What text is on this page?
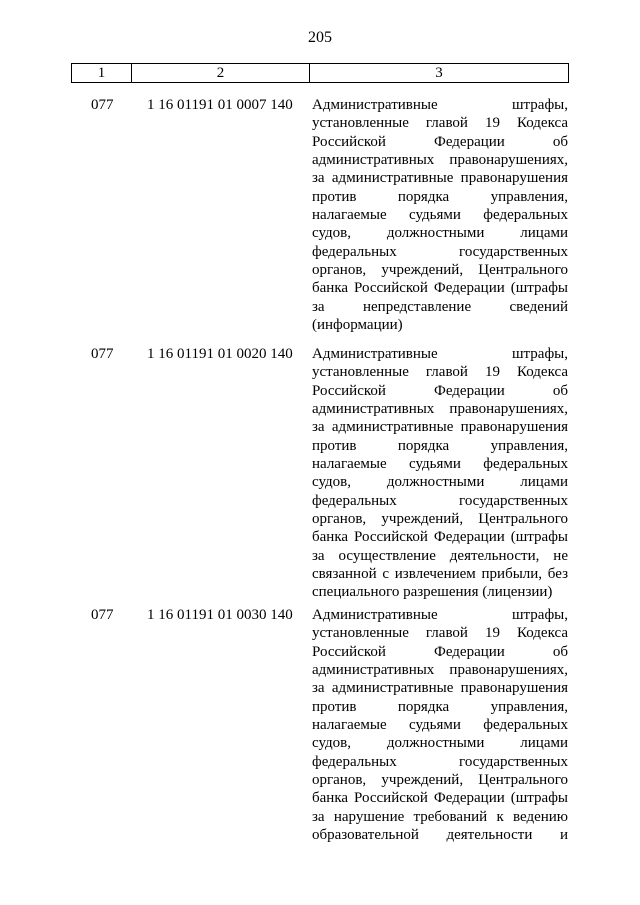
205
1	2	3
077 1 16 01191 01 0007 140 Административные штрафы,
установленные главой 19 Кодекса
Российской Федерации об
административных правонарушениях,
за административные правонарушения
против порядка управления,
налагаемые судьями федеральных
судов, должностными лицами
федеральных государственных
органов, учреждений, Центрального
банка Российской Федерации (штрафы
за непредставление сведений
(информации)
077 1 16 01191 01 0020 140 Административные штрафы,
установленные главой 19 Кодекса
Российской Федерации об
административных правонарушениях,
за административные правонарушения
против порядка управления,
налагаемые судьями федеральных
судов, должностными лицами
федеральных государственных
органов, учреждений, Центрального
банка Российской Федерации (штрафы
за осуществление деятельности, не
связанной с извлечением прибыли, без
специального разрешения (лицензии)
077 1 16 01191 01 0030 140 Административные штрафы,
установленные главой 19 Кодекса
Российской Федерации об
административных правонарушениях,
за административные правонарушения
против порядка управления,
налагаемые судьями федеральных
судов, должностными лицами
федеральных государственных
органов, учреждений, Центрального
банка Российской Федерации (штрафы
за нарушение требований к ведению
образовательной деятельности и
